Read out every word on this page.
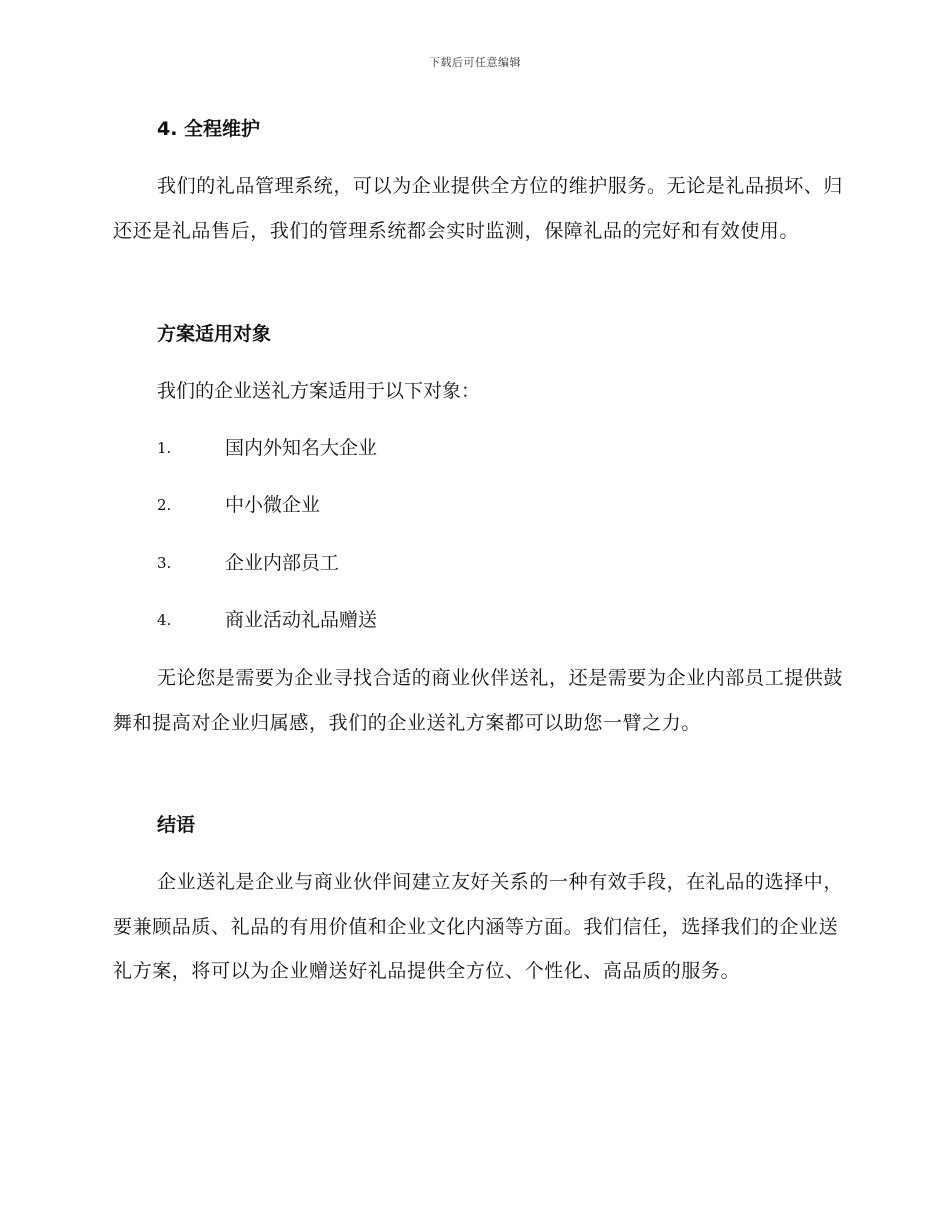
下载后可任意编辑
4. 全程维护

我们的礼品管理系统，可以为企业提供全方位的维护服务。无论是礼品损坏、归还还是礼品售后，我们的管理系统都会实时监测，保障礼品的完好和有效使用。

方案适用对象

我们的企业送礼方案适用于以下对象：

1.	国内外知名大企业
2.	中小微企业
3.	企业内部员工
4.	商业活动礼品赠送

无论您是需要为企业寻找合适的商业伙伴送礼，还是需要为企业内部员工提供鼓舞和提高对企业归属感，我们的企业送礼方案都可以助您一臂之力。

结语

企业送礼是企业与商业伙伴间建立友好关系的一种有效手段，在礼品的选择中，要兼顾品质、礼品的有用价值和企业文化内涵等方面。我们信任，选择我们的企业送礼方案，将可以为企业赠送好礼品提供全方位、个性化、高品质的服务。
